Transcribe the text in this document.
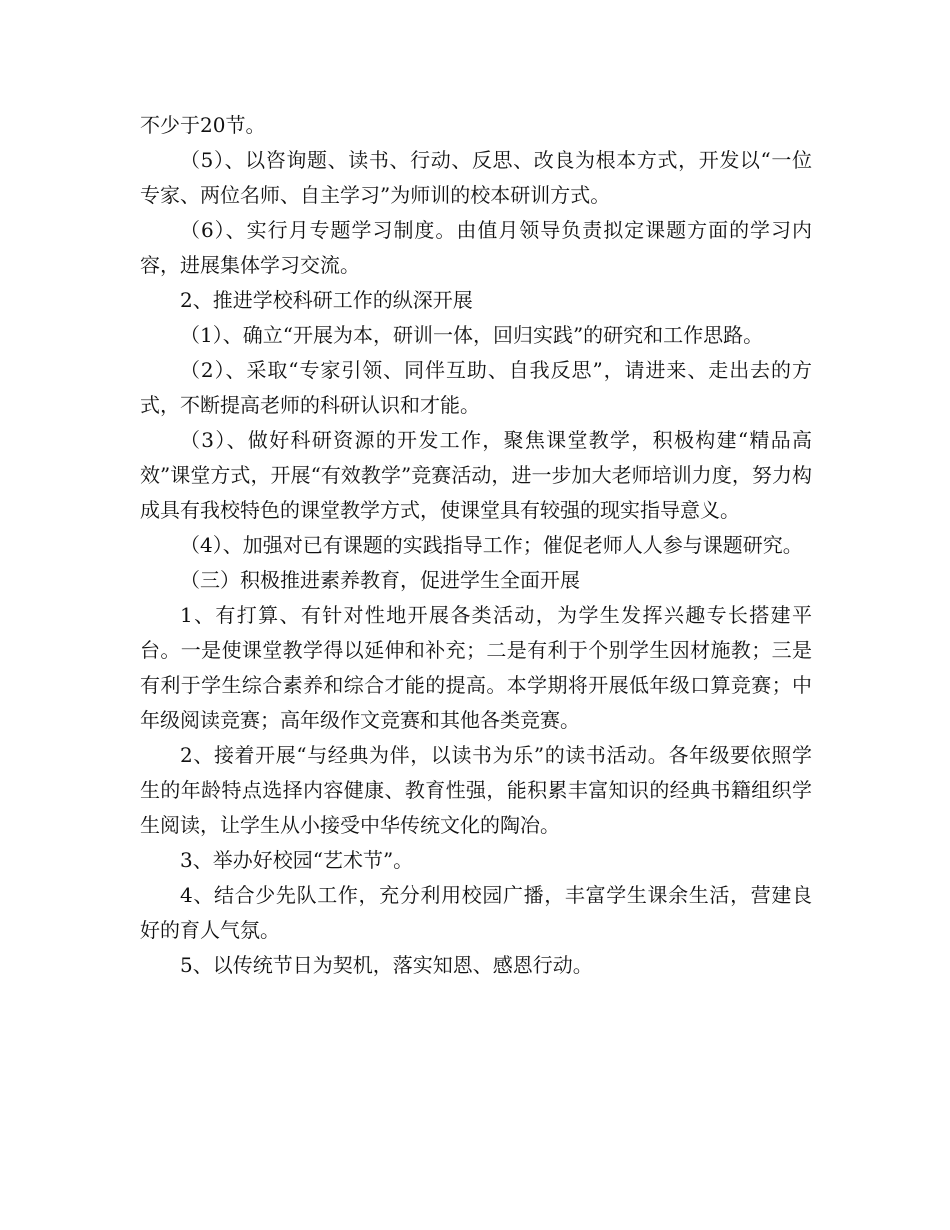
不少于20节。

（5）、以咨询题、读书、行动、反思、改良为根本方式，开发以“一位专家、两位名师、自主学习”为师训的校本研训方式。

（6）、实行月专题学习制度。由值月领导负责拟定课题方面的学习内容，进展集体学习交流。

2、推进学校科研工作的纵深开展

（1）、确立“开展为本，研训一体，回归实践”的研究和工作思路。

（2）、采取“专家引领、同伴互助、自我反思”，请进来、走出去的方式，不断提高老师的科研认识和才能。

（3）、做好科研资源的开发工作，聚焦课堂教学，积极构建“精品高效”课堂方式，开展“有效教学”竞赛活动，进一步加大老师培训力度，努力构成具有我校特色的课堂教学方式，使课堂具有较强的现实指导意义。

（4）、加强对已有课题的实践指导工作；催促老师人人参与课题研究。

（三）积极推进素养教育，促进学生全面开展

1、有打算、有针对性地开展各类活动，为学生发挥兴趣专长搭建平台。一是使课堂教学得以延伸和补充；二是有利于个别学生因材施教；三是有利于学生综合素养和综合才能的提高。本学期将开展低年级口算竞赛；中年级阅读竞赛；高年级作文竞赛和其他各类竞赛。

2、接着开展“与经典为伴，以读书为乐”的读书活动。各年级要依照学生的年龄特点选择内容健康、教育性强，能积累丰富知识的经典书籍组织学生阅读，让学生从小接受中华传统文化的陶冶。

3、举办好校园“艺术节”。

4、结合少先队工作，充分利用校园广播，丰富学生课余生活，营建良好的育人气氛。

5、以传统节日为契机，落实知恩、感恩行动。
